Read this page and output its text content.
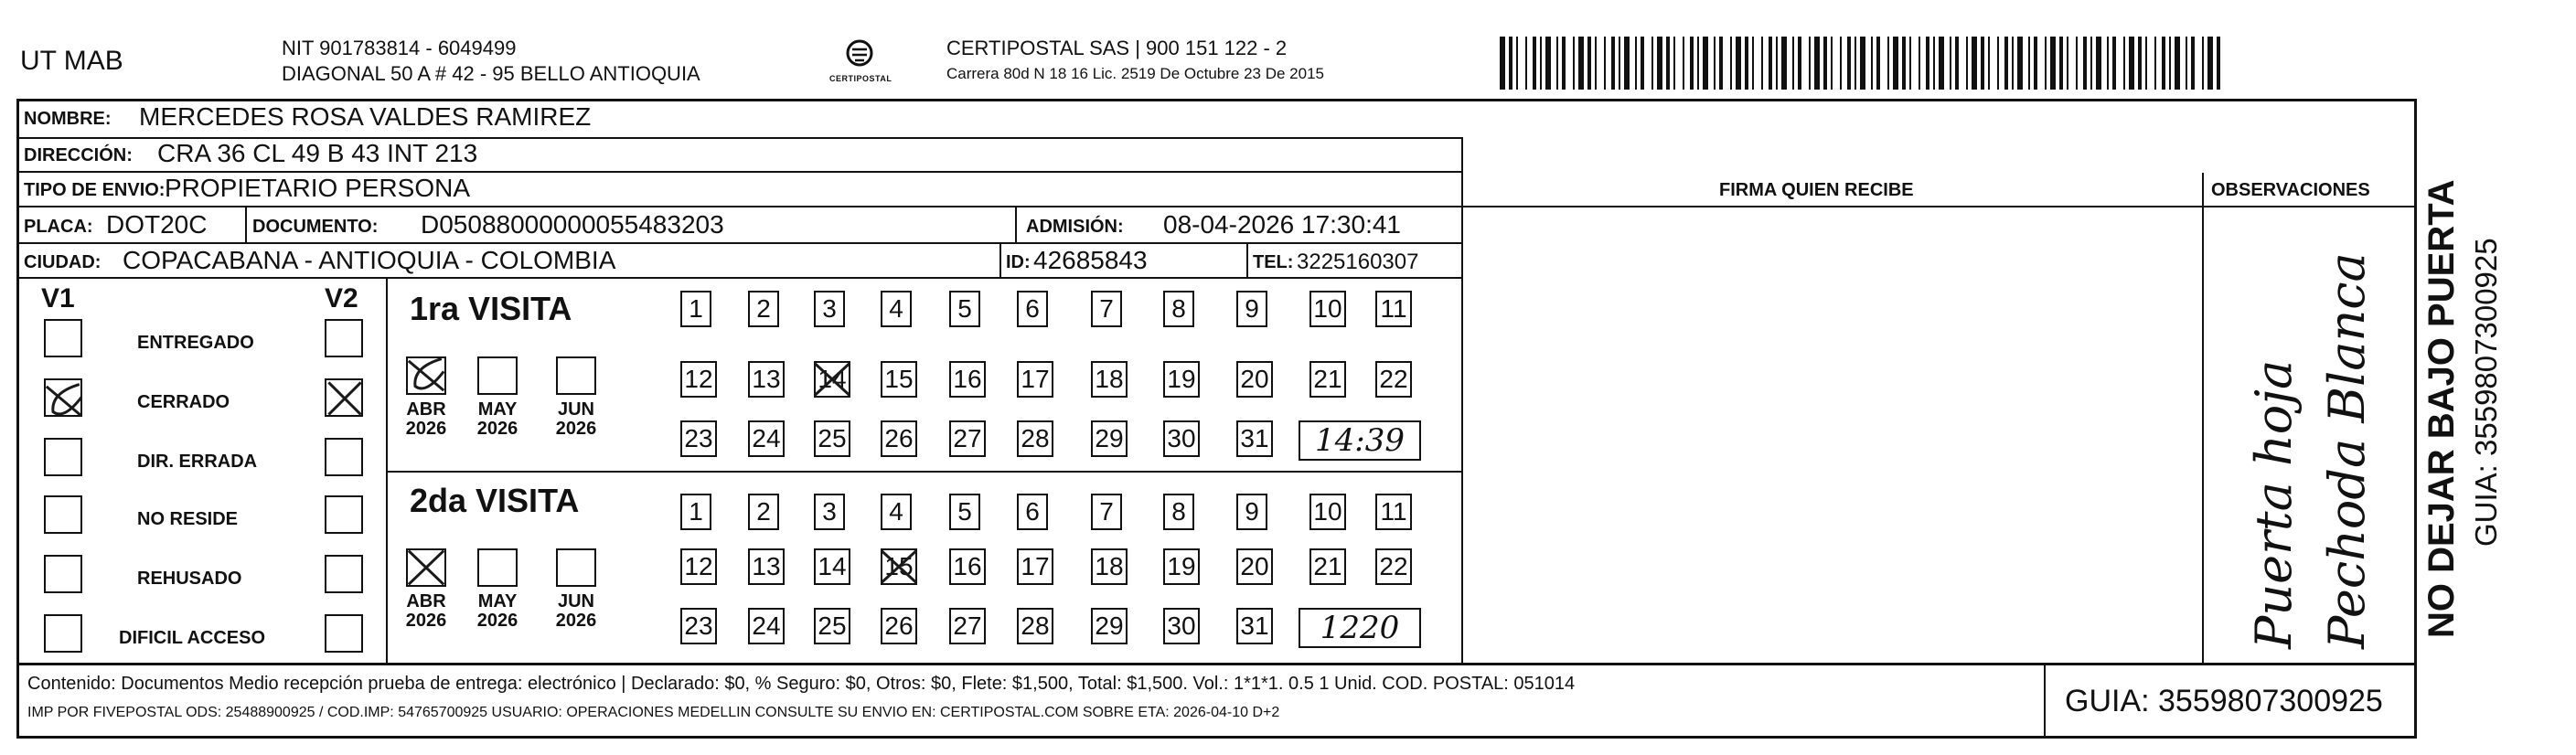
UT MAB	NIT 901783814 - 6049499
DIAGONAL 50 A # 42 - 95 BELLO ANTIOQUIA	CERTIPOSTAL
CERTIPOSTAL SAS | 900 151 122 - 2
Carrera 80d N 18 16 Lic. 2519 De Octubre 23 De 2015
NOMBRE: MERCEDES ROSA VALDES RAMIREZ
DIRECCIÓN: CRA 36 CL 49 B 43 INT 213
TIPO DE ENVIO: PROPIETARIO PERSONA
PLACA: DOT20C DOCUMENTO: D05088000000055483203	ADMISIÓN: 08-04-2026 17:30:41
CIUDAD: COPACABANA - ANTIOQUIA - COLOMBIA	ID: 42685843	TEL: 3225160307
FIRMA QUIEN RECIBE	OBSERVACIONES
V1	V2
Puerta hoja Pechoda Blanca NO DEJAR BAJO PUERTA GUIA: 3559807300925
Contenido: Documentos Medio recepción prueba de entrega: electrónico | Declarado: $0, % Seguro: $0, Otros: $0, Flete: $1,500, Total: $1,500. Vol.: 1*1*1. 0.5 1 Unid. COD. POSTAL: 051014
IMP POR FIVEPOSTAL ODS: 25488900925 / COD.IMP: 54765700925 USUARIO: OPERACIONES MEDELLIN CONSULTE SU ENVIO EN: CERTIPOSTAL.COM SOBRE ETA: 2026-04-10 D+2	GUIA: 3559807300925
ENTREGADO
CERRADO
DIR. ERRADA
NO RESIDE
REHUSADO
DIFICIL ACCESO
1ra VISITA
ABR
2026
MAY
2026
JUN
2026
1	2	3	4	5	6	7	8	9	10 11
12 13 14 15 16 17 18 19 20 21 22
23 24 25 26 27 28 29 30 31	14:39
2da VISITA
ABR
2026
MAY
2026
JUN
2026
1	2	3	4	5	6	7	8	9	10 11
12 13 14 15 16 17 18 19 20 21 22
23 24 25 26 27 28 29 30 31	1220
